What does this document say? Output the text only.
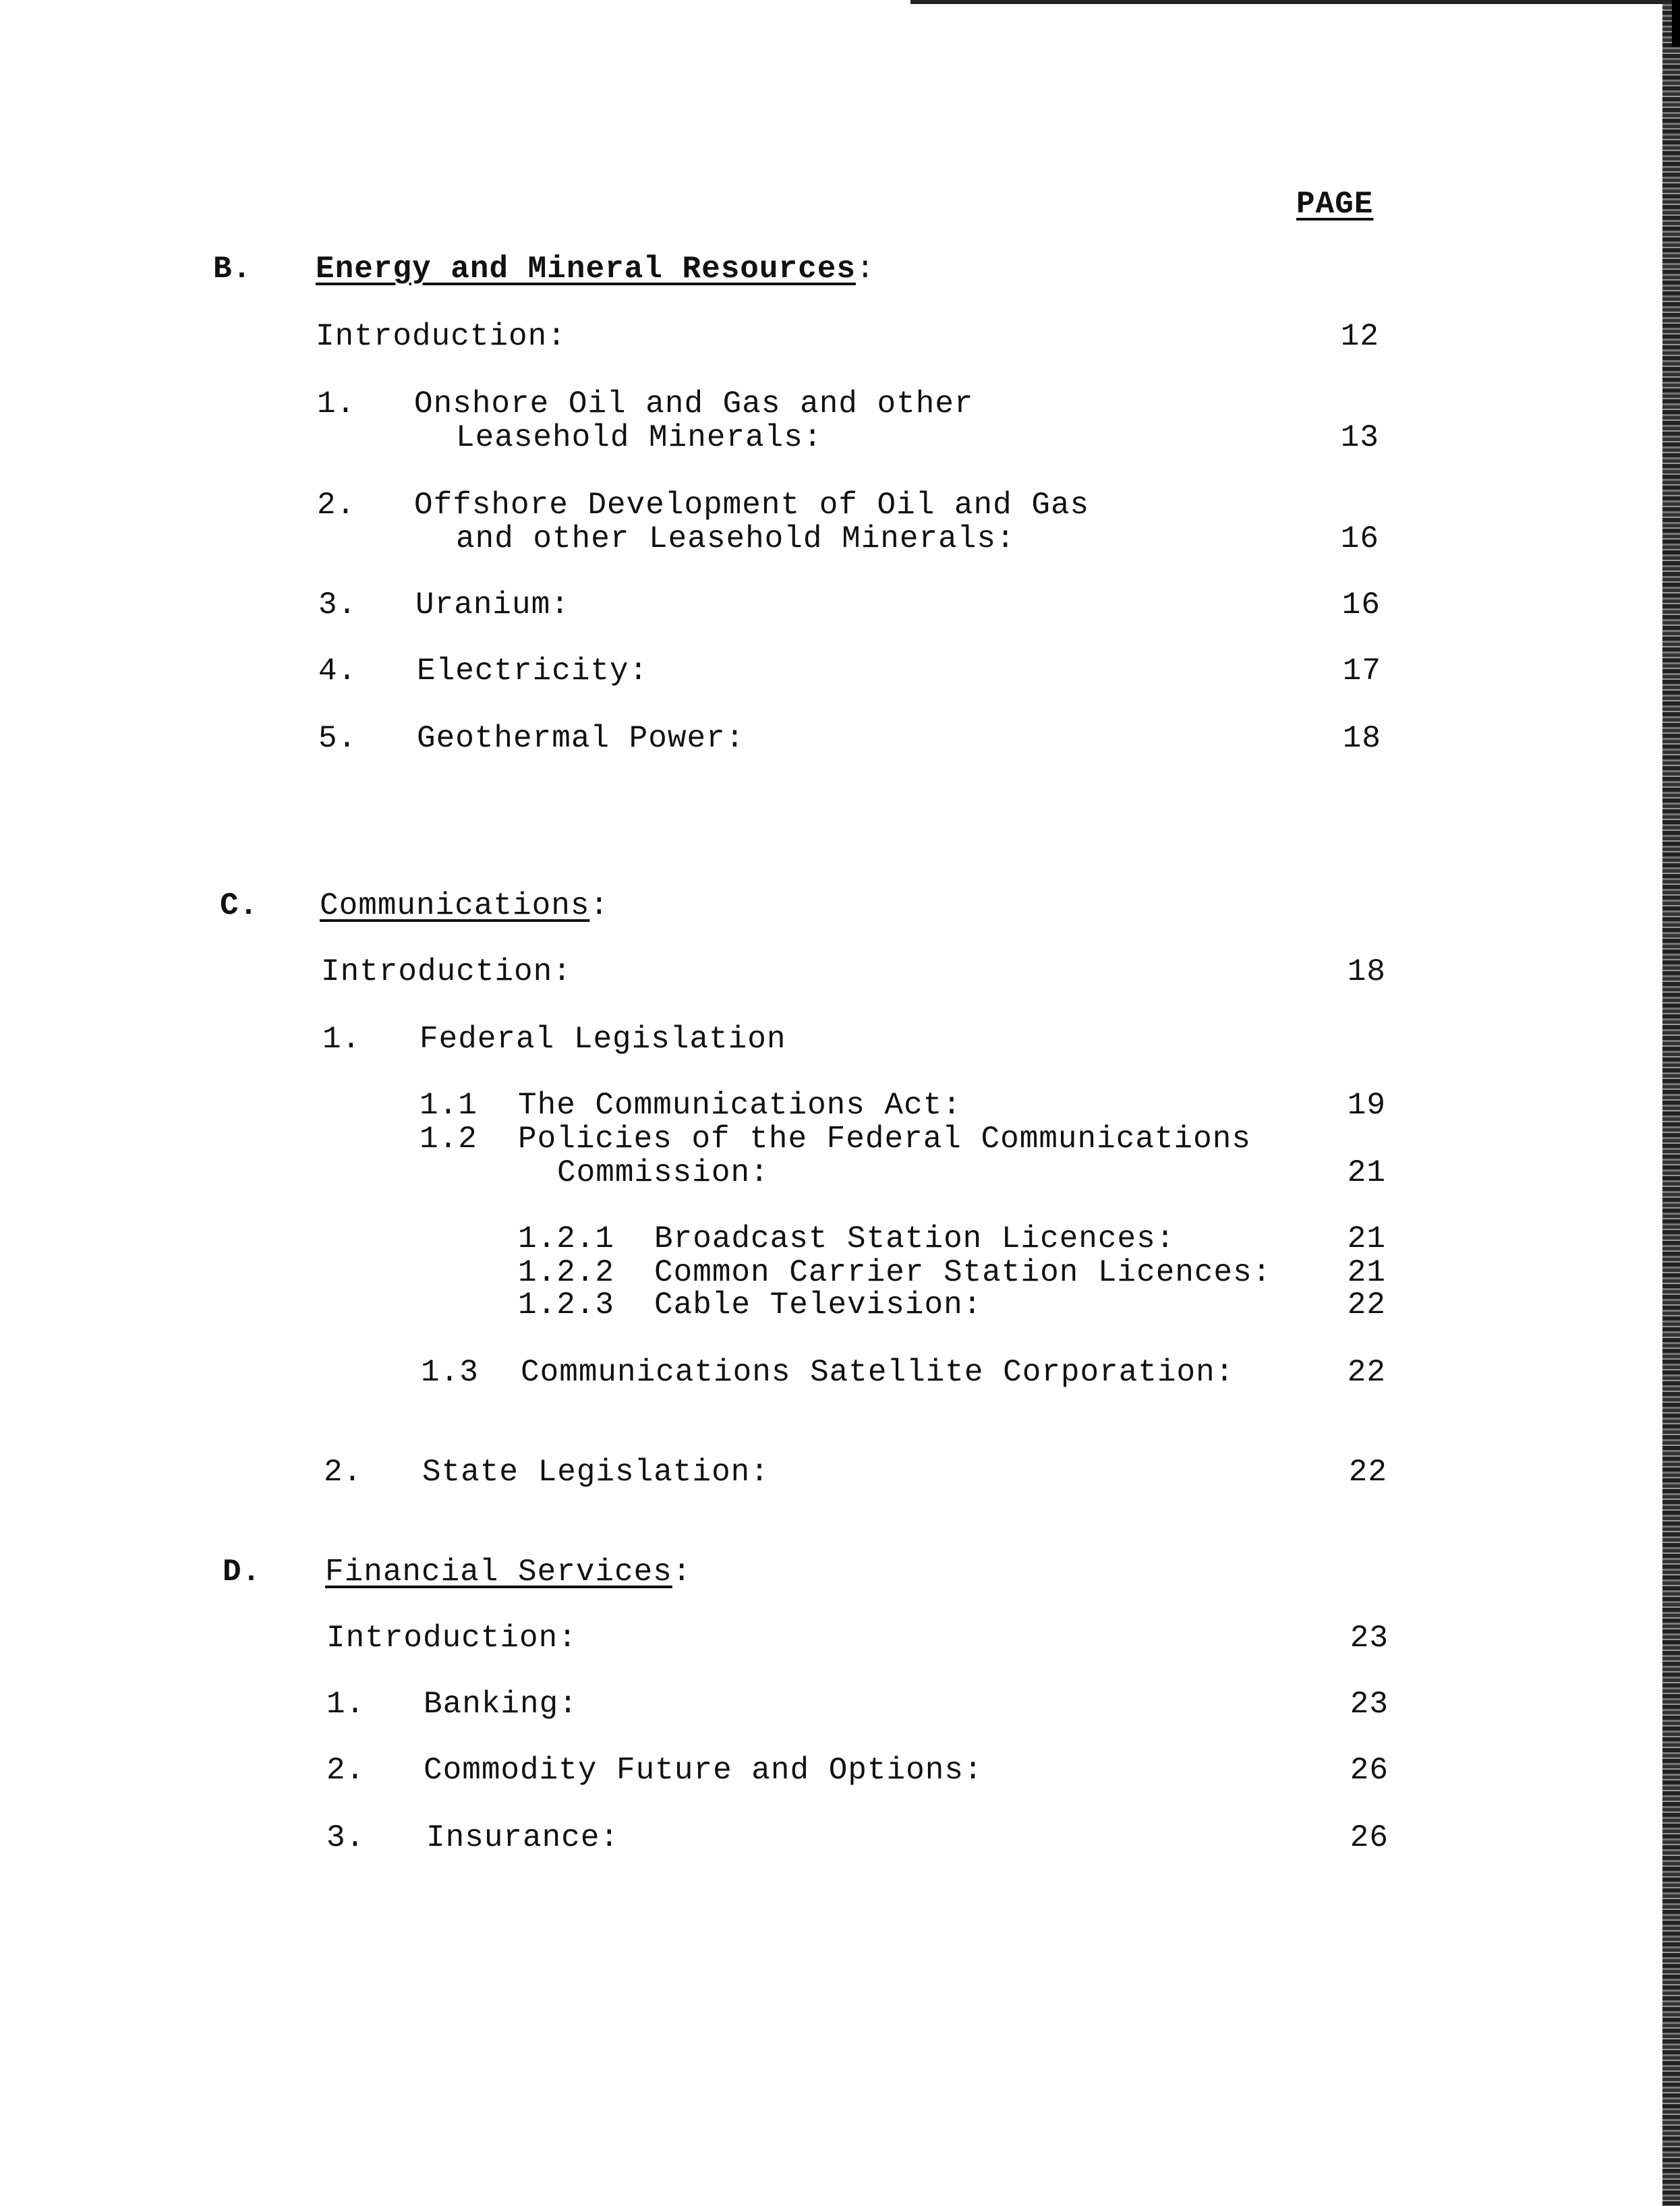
PAGE
B. Energy and Mineral Resources:
Introduction:	12
1. Onshore Oil and Gas and other
Leasehold Minerals:	13
2. Offshore Development of Oil and Gas
and other Leasehold Minerals:	16
3. Uranium:	16
4. Electricity:	17
5. Geothermal Power:	18
C. Communications:
Introduction:	18
1. Federal Legislation
1.1 The Communications Act:	19
1.2 Policies of the Federal Communications
Commission:	21
1.2.1 Broadcast Station Licences:	21
1.2.2 Common Carrier Station Licences:	21
1.2.3 Cable Television:	22
1.3 Communications Satellite Corporation:	22
2. State Legislation:	22
D. Financial Services:
Introduction:	23
1. Banking:	23
2. Commodity Future and Options:	26
3. Insurance:	26
